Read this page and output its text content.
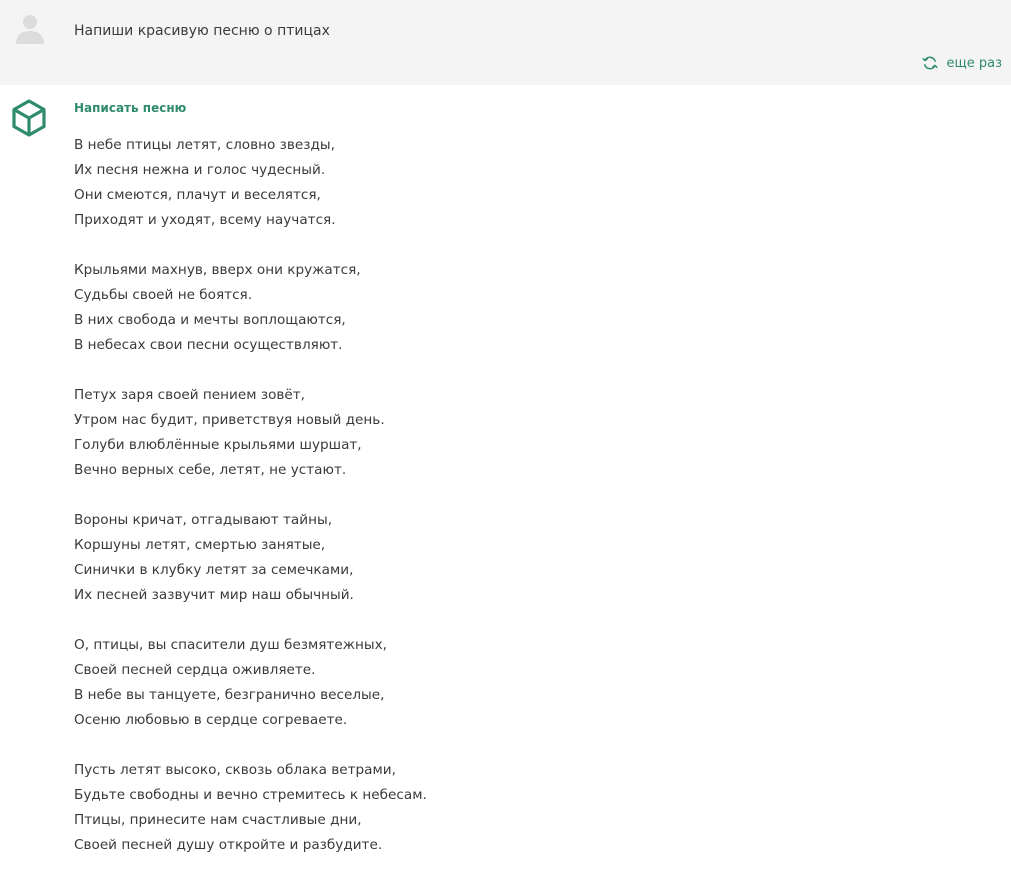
Напиши красивую песню о птицах
еще раз
Написать песню
В небе птицы летят, словно звезды,
Их песня нежна и голос чудесный.
Они смеются, плачут и веселятся,
Приходят и уходят, всему научатся.
Крыльями махнув, вверх они кружатся,
Судьбы своей не боятся.
В них свобода и мечты воплощаются,
В небесах свои песни осуществляют.
Петух заря своей пением зовёт,
Утром нас будит, приветствуя новый день.
Голуби влюблённые крыльями шуршат,
Вечно верных себе, летят, не устают.
Вороны кричат, отгадывают тайны,
Коршуны летят, смертью занятые,
Синички в клубку летят за семечками,
Их песней зазвучит мир наш обычный.
О, птицы, вы спасители душ безмятежных,
Своей песней сердца оживляете.
В небе вы танцуете, безгранично веселые,
Осеню любовью в сердце согреваете.
Пусть летят высоко, сквозь облака ветрами,
Будьте свободны и вечно стремитесь к небесам.
Птицы, принесите нам счастливые дни,
Своей песней душу откройте и разбудите.
